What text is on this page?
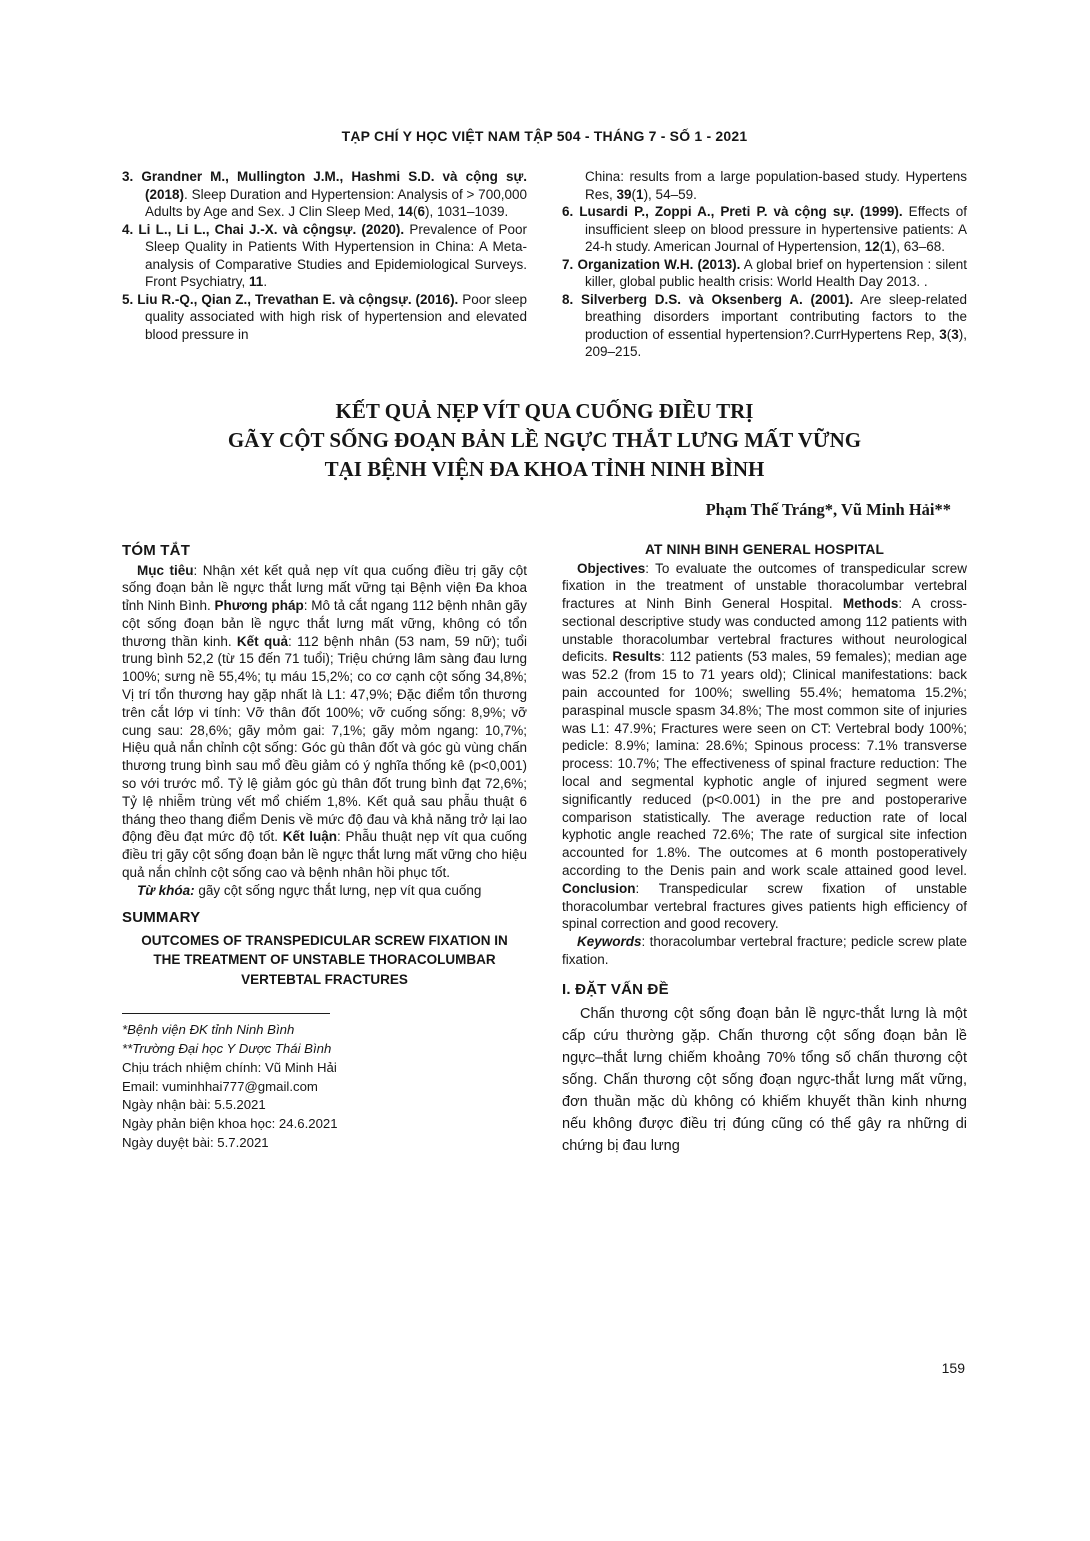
TẠP CHÍ Y HỌC VIỆT NAM TẬP 504 - THÁNG 7 - SỐ 1 - 2021
3. Grandner M., Mullington J.M., Hashmi S.D. và cộng sự. (2018). Sleep Duration and Hypertension: Analysis of > 700,000 Adults by Age and Sex. J Clin Sleep Med, 14(6), 1031–1039.
4. Li L., Li L., Chai J.-X. và cộngsự. (2020). Prevalence of Poor Sleep Quality in Patients With Hypertension in China: A Meta-analysis of Comparative Studies and Epidemiological Surveys. Front Psychiatry, 11.
5. Liu R.-Q., Qian Z., Trevathan E. và cộngsự. (2016). Poor sleep quality associated with high risk of hypertension and elevated blood pressure in
China: results from a large population-based study. Hypertens Res, 39(1), 54–59.
6. Lusardi P., Zoppi A., Preti P. và cộng sự. (1999). Effects of insufficient sleep on blood pressure in hypertensive patients: A 24-h study. American Journal of Hypertension, 12(1), 63–68.
7. Organization W.H. (2013). A global brief on hypertension : silent killer, global public health crisis: World Health Day 2013. .
8. Silverberg D.S. và Oksenberg A. (2001). Are sleep-related breathing disorders important contributing factors to the production of essential hypertension?.CurrHypertens Rep, 3(3), 209–215.
KẾT QUẢ NẸP VÍT QUA CUỐNG ĐIỀU TRỊ
GÃY CỘT SỐNG ĐOẠN BẢN LỀ NGỰC THẮT LƯNG MẤT VỮNG
TẠI BỆNH VIỆN ĐA KHOA TỈNH NINH BÌNH
Phạm Thế Tráng*, Vũ Minh Hải**
TÓM TẮT
Mục tiêu: Nhận xét kết quả nẹp vít qua cuống điều trị gãy cột sống đoạn bản lề ngực thắt lưng mất vững tại Bệnh viện Đa khoa tỉnh Ninh Bình. Phương pháp: Mô tả cắt ngang 112 bệnh nhân gãy cột sống đoạn bản lề ngực thắt lưng mất vững, không có tổn thương thần kinh. Kết quả: 112 bệnh nhân (53 nam, 59 nữ); tuổi trung bình 52,2 (từ 15 đến 71 tuổi); Triệu chứng lâm sàng đau lưng 100%; sưng nề 55,4%; tụ máu 15,2%; co cơ cạnh cột sống 34,8%; Vị trí tổn thương hay gặp nhất là L1: 47,9%; Đặc điểm tổn thương trên cắt lớp vi tính: Vỡ thân đốt 100%; vỡ cuống sống: 8,9%; vỡ cung sau: 28,6%; gãy mỏm gai: 7,1%; gãy mỏm ngang: 10,7%; Hiệu quả nắn chỉnh cột sống: Góc gù thân đốt và góc gù vùng chấn thương trung bình sau mổ đều giảm có ý nghĩa thống kê (p<0,001) so với trước mổ. Tỷ lệ giảm góc gù thân đốt trung bình đạt 72,6%; Tỷ lệ nhiễm trùng vết mổ chiếm 1,8%. Kết quả sau phẫu thuật 6 tháng theo thang điểm Denis về mức độ đau và khả năng trở lại lao động đều đạt mức độ tốt. Kết luận: Phẫu thuật nẹp vít qua cuống điều trị gãy cột sống đoạn bản lề ngực thắt lưng mất vững cho hiệu quả nắn chỉnh cột sống cao và bệnh nhân hồi phục tốt.
Từ khóa: gãy cột sống ngực thắt lưng, nẹp vít qua cuống
SUMMARY
OUTCOMES OF TRANSPEDICULAR SCREW FIXATION IN THE TREATMENT OF UNSTABLE THORACOLUMBAR VERTEBTAL FRACTURES
*Bệnh viện ĐK tỉnh Ninh Bình
**Trường Đại học Y Dược Thái Bình
Chịu trách nhiệm chính: Vũ Minh Hải
Email: vuminhhai777@gmail.com
Ngày nhận bài: 5.5.2021
Ngày phản biện khoa học: 24.6.2021
Ngày duyệt bài: 5.7.2021
AT NINH BINH GENERAL HOSPITAL
Objectives: To evaluate the outcomes of transpedicular screw fixation in the treatment of unstable thoracolumbar vertebral fractures at Ninh Binh General Hospital. Methods: A cross-sectional descriptive study was conducted among 112 patients with unstable thoracolumbar vertebral fractures without neurological deficits. Results: 112 patients (53 males, 59 females); median age was 52.2 (from 15 to 71 years old); Clinical manifestations: back pain accounted for 100%; swelling 55.4%; hematoma 15.2%; paraspinal muscle spasm 34.8%; The most common site of injuries was L1: 47.9%; Fractures were seen on CT: Vertebral body 100%; pedicle: 8.9%; lamina: 28.6%; Spinous process: 7.1% transverse process: 10.7%; The effectiveness of spinal fracture reduction: The local and segmental kyphotic angle of injured segment were significantly reduced (p<0.001) in the pre and postoperarive comparison statistically. The average reduction rate of local kyphotic angle reached 72.6%; The rate of surgical site infection accounted for 1.8%. The outcomes at 6 month postoperatively according to the Denis pain and work scale attained good level. Conclusion: Transpedicular screw fixation of unstable thoracolumbar vertebral fractures gives patients high efficiency of spinal correction and good recovery.
Keywords: thoracolumbar vertebral fracture; pedicle screw plate fixation.
I. ĐẶT VẤN ĐỀ
Chấn thương cột sống đoạn bản lề ngực-thắt lưng là một cấp cứu thường gặp. Chấn thương cột sống đoạn bản lề ngực–thắt lưng chiếm khoảng 70% tổng số chấn thương cột sống. Chấn thương cột sống đoạn ngực-thắt lưng mất vững, đơn thuần mặc dù không có khiếm khuyết thần kinh nhưng nếu không được điều trị đúng cũng có thể gây ra những di chứng bị đau lưng
159
